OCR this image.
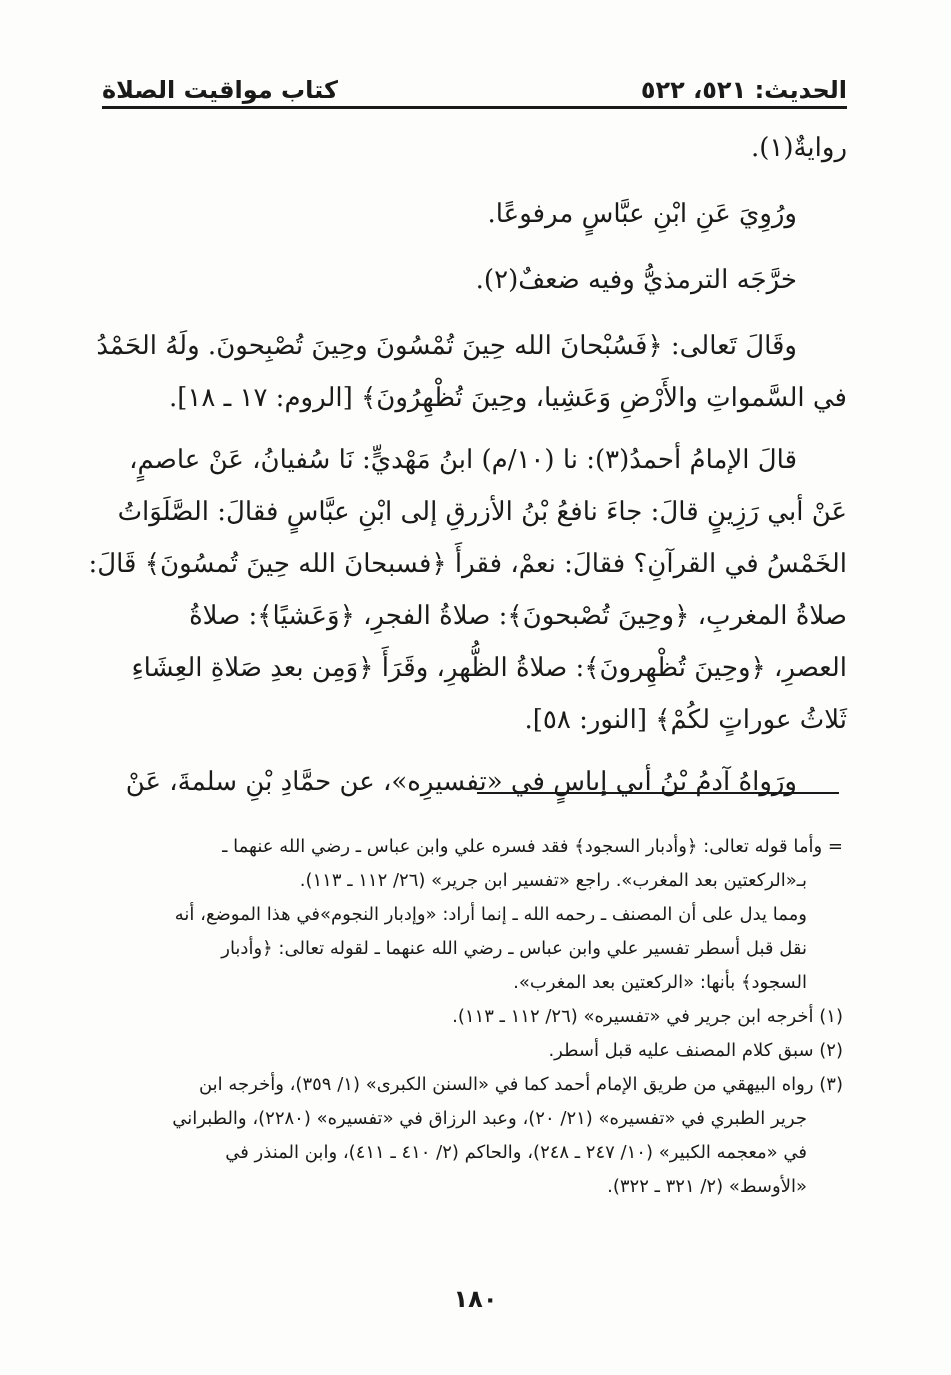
الحديث: ٥٢١، ٥٢٢
كتاب مواقيت الصلاة

روايةٌ(١).

ورُوِيَ عَنِ ابْنِ عبَّاسٍ مرفوعًا.

خرَّجَه الترمذيُّ وفيه ضعفٌ(٢).

وقَالَ تَعالى: ﴿فَسُبْحانَ الله حِينَ تُمْسُونَ وحِينَ تُصْبِحونَ. ولَهُ الحَمْدُ
في السَّمواتِ والأَرْضِ وَعَشِيا، وحِينَ تُظْهِرُونَ﴾ [الروم: ١٧ ـ ١٨].

قالَ الإمامُ أحمدُ(٣): نا (١٠/م) ابنُ مَهْديٍّ: نَا سُفيانُ، عَنْ عاصمٍ،
عَنْ أبي رَزِينٍ قالَ: جاءَ نافعُ بْنُ الأزرقِ إلى ابْنِ عبَّاسٍ فقالَ: الصَّلَوَاتُ
الخَمْسُ في القرآنِ؟ فقالَ: نعمْ، فقرأَ ﴿فسبحانَ الله حِينَ تُمسُونَ﴾ قَالَ:
صلاةُ المغربِ، ﴿وحِينَ تُصْبحونَ﴾: صلاةُ الفجرِ، ﴿وَعَشيًا﴾: صلاةُ
العصرِ، ﴿وحِينَ تُظْهِرونَ﴾: صلاةُ الظُّهرِ، وقَرَأَ ﴿وَمِن بعدِ صَلاةِ العِشَاءِ
ثَلاثُ عوراتٍ لكُمْ﴾ [النور: ٥٨].

ورَواهُ آدمُ بْنُ أبي إياسٍ في «تفسيرِه»، عن حمَّادِ بْنِ سلمةَ، عَنْ

= وأما قوله تعالى: ﴿وأدبار السجود﴾ فقد فسره علي وابن عباس ـ رضي الله عنهما ـ
بـ«الركعتين بعد المغرب». راجع «تفسير ابن جرير» (٢٦/ ١١٢ ـ ١١٣).
ومما يدل على أن المصنف ـ رحمه الله ـ إنما أراد: «وإدبار النجوم»في هذا الموضع، أنه
نقل قبل أسطر تفسير علي وابن عباس ـ رضي الله عنهما ـ لقوله تعالى: ﴿وأدبار
السجود﴾ بأنها: «الركعتين بعد المغرب».
(١) أخرجه ابن جرير في «تفسيره» (٢٦/ ١١٢ ـ ١١٣).
(٢) سبق كلام المصنف عليه قبل أسطر.
(٣) رواه البيهقي من طريق الإمام أحمد كما في «السنن الكبرى» (١/ ٣٥٩)، وأخرجه ابن
جرير الطبري في «تفسيره» (٢١/ ٢٠)، وعبد الرزاق في «تفسيره» (٢٢٨٠)، والطبراني
في «معجمه الكبير» (١٠/ ٢٤٧ ـ ٢٤٨)، والحاكم (٢/ ٤١٠ ـ ٤١١)، وابن المنذر في
«الأوسط» (٢/ ٣٢١ ـ ٣٢٢).
١٨٠
